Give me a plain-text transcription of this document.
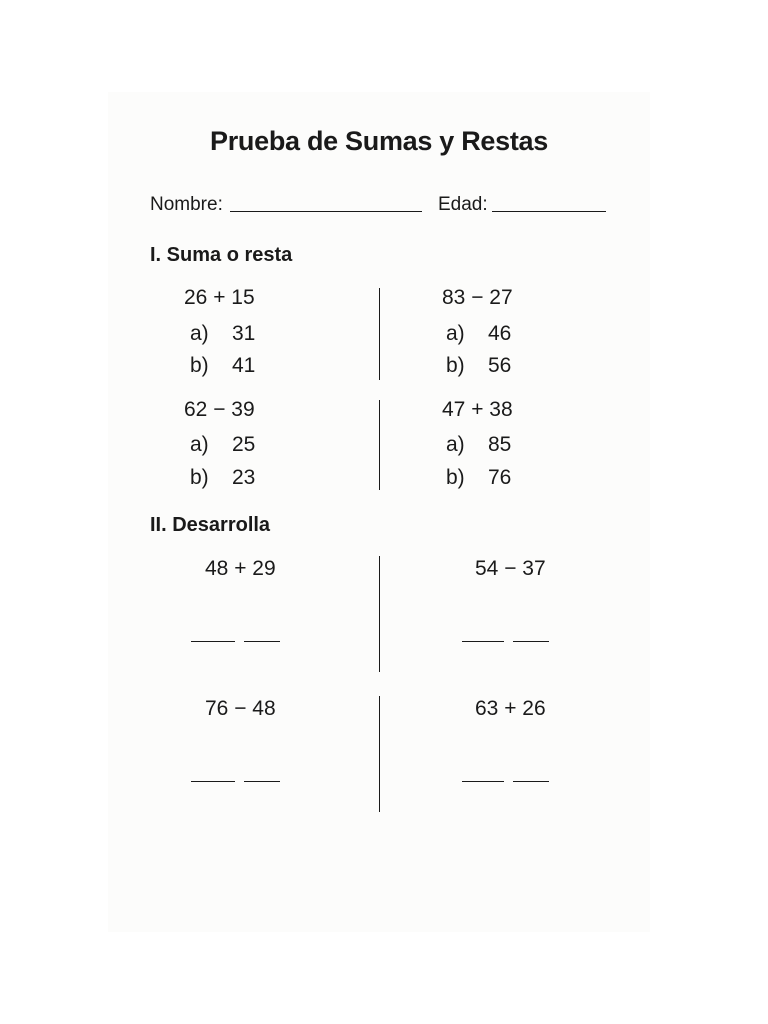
Prueba de Sumas y Restas
Nombre:	Edad:
I. Suma o resta
26 + 15
a) 31
b) 41
83 − 27
a) 46
b) 56
62 − 39
a) 25
b) 23
47 + 38
a) 85
b) 76
II. Desarrolla
48 + 29	54 − 37
76 − 48	63 + 26
